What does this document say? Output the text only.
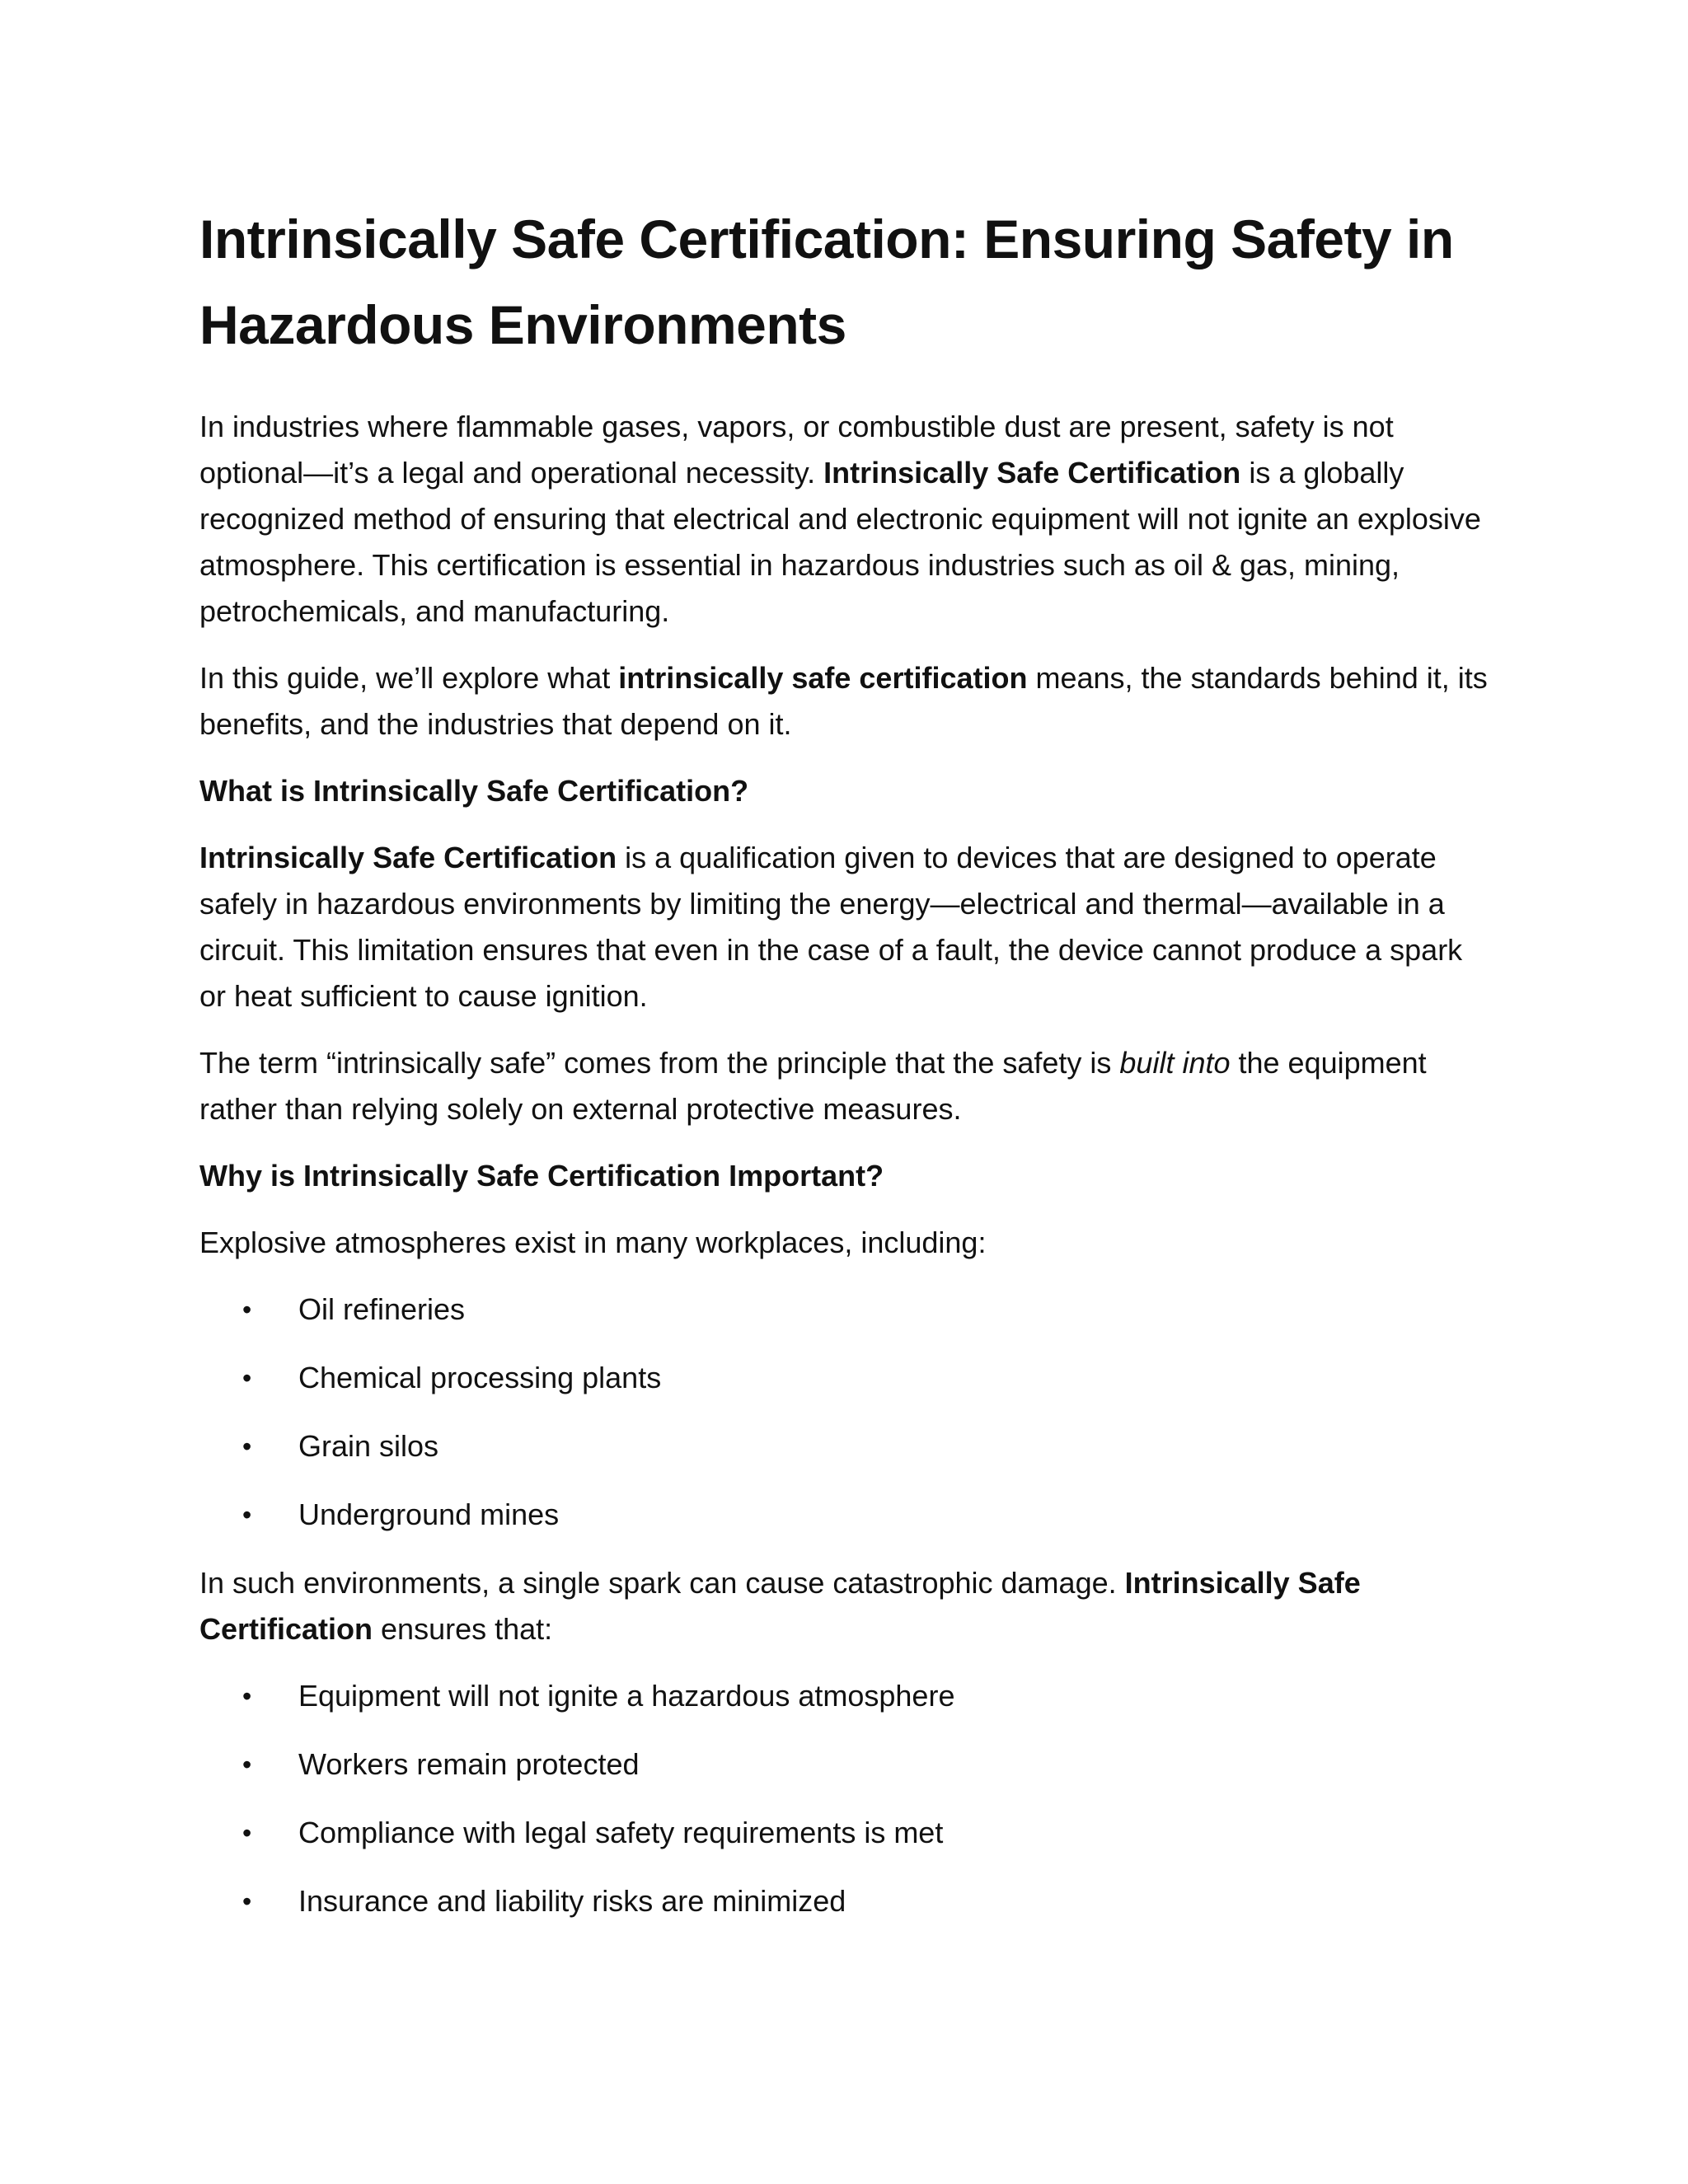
Intrinsically Safe Certification: Ensuring Safety in Hazardous Environments

In industries where flammable gases, vapors, or combustible dust are present, safety is not optional—it’s a legal and operational necessity. Intrinsically Safe Certification is a globally recognized method of ensuring that electrical and electronic equipment will not ignite an explosive atmosphere. This certification is essential in hazardous industries such as oil & gas, mining, petrochemicals, and manufacturing.

In this guide, we’ll explore what intrinsically safe certification means, the standards behind it, its benefits, and the industries that depend on it.

What is Intrinsically Safe Certification?

Intrinsically Safe Certification is a qualification given to devices that are designed to operate safely in hazardous environments by limiting the energy—electrical and thermal—available in a circuit. This limitation ensures that even in the case of a fault, the device cannot produce a spark or heat sufficient to cause ignition.

The term “intrinsically safe” comes from the principle that the safety is built into the equipment rather than relying solely on external protective measures.

Why is Intrinsically Safe Certification Important?

Explosive atmospheres exist in many workplaces, including:

• Oil refineries
• Chemical processing plants
• Grain silos
• Underground mines

In such environments, a single spark can cause catastrophic damage. Intrinsically Safe Certification ensures that:

• Equipment will not ignite a hazardous atmosphere
• Workers remain protected
• Compliance with legal safety requirements is met
• Insurance and liability risks are minimized
